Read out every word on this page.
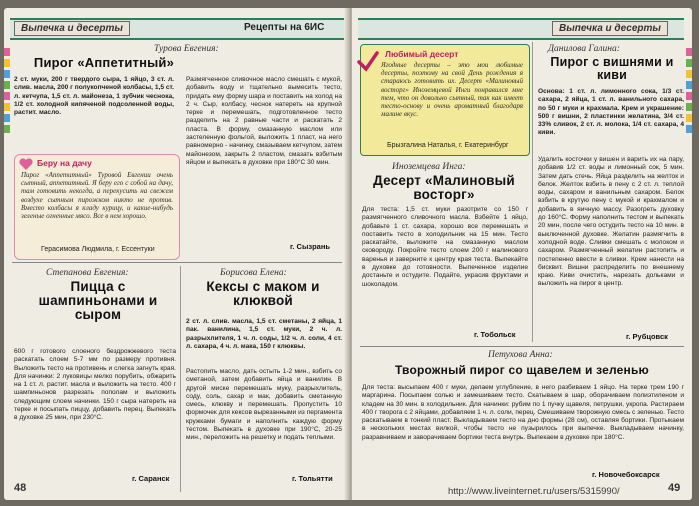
Выпечка и десерты	Рецепты на 6ИС
Турова Евгения:
Пирог «Аппетитный»
2 ст. муки, 200 г твердого сыра, 1 яйцо, 3 ст. л. слив. масла, 200 г полукопченой колбасы, 1,5 ст. л. кетчупа, 1,5 ст. л. майонеза, 1 зубчик чеснока, 1/2 ст. холодной кипяченой подсоленной воды, растит. масло.
Размягченное сливочное масло смешать с мукой, добавить воду и тщательно вымесить тесто, придать ему форму шара и поставить на холод на 2 ч. Сыр, колбасу, чеснок натереть на крупной терке и перемешать, подготовленное тесто разделить на 2 равные части и раскатать 2 пласта. В форму, смазанную маслом или застеленную фольгой, выложить 1 пласт, на него равномерно - начинку, смазываем кетчупом, затем майонезом, закрыть 2 пластом, смазать взбитым яйцом и выпекать в духовке при 180°С 30 мин.
г. Сызрань
Беру на дачу
Пирог «Аппетитный» Туровой Евгении очень сытный, аппетитный. Я беру его с собой на дачу, там готовить некогда, а перекусить на свежем воздухе сытным пирожком никто не против. Вместо колбасы я кладу курицу, и какие-нибудь зеленые огненные мясо. Все в нем хорошо.
Герасимова Людмила, г. Ессентуки
Степанова Евгения:
Пицца с шампиньонами и сыром
600 г готового слоеного бездрожжевого теста раскатать слоем 5-7 мм по размеру противня. Выложить тесто на противень и слегка загнуть края. Для начинки: 2 луковицы мелко порубить, обжарить на 1 ст. л. растит. масла и выложить на тесто. 400 г шампиньонов разрезать пополам и выложить следующим слоем начинки. 150 г сыра натереть на терке и посыпать пиццу, добавить перец. Выпекать в духовке 25 мин, при 230°С.
г. Саранск
Борисова Елена:
Кексы с маком и клюквой
2 ст. л. слив. масла, 1,5 ст. сметаны, 2 яйца, 1 пак. ванилина, 1,5 ст. муки, 2 ч. л. разрыхлителя, 1 ч. л. соды, 1/2 ч. л. соли, 4 ст. л. сахара, 4 ч. л. мака, 150 г клюквы.
Растопить масло, дать остыть 1-2 мин., взбить со сметаной, затем добавить яйца и ванилин. В другой миске перемешать муку, разрыхлитель, соду, соль, сахар и мак, добавить сметанную смесь, клюкву и перемешать. Пропустить 10 формочек для кексов вырезанными из пергамента кружками бумаги и наполнить каждую форму тестом. Выпекать в духовке при 190°С, 20-25 мин., переложить на решетку и подать теплыми.
г. Тольятти
48
Выпечка и десерты
Любимый десерт
Ягодные десерты – это мои любимые десерты, поэтому на свой День рождения я стараюсь готовить их. Десерт «Малиновый восторг» Иноземцевой Инги понравился мне тем, что он довольно сытный, так как имеет тесто-основу и очень ароматный благодаря малине вкус.
Брызгалина Наталья, г. Екатеринбург
Иноземцева Инга:
Десерт «Малиновый восторг»
Для теста: 1,5 ст. муки разотрите со 150 г размягченного сливочного масла. Взбейте 1 яйцо, добавьте 1 ст. сахара, хорошо все перемешать и поставить тесто в холодильник на 15 мин. Тесто раскатайте, выложите на смазанную маслом сковороду. Покройте тесто слоем 200 г малинового варенья и заверните к центру края теста. Выпекайте в духовке до готовности. Выпеченное изделие достаньте и остудите. Подайте, украсив фруктами и шоколадом.
г. Тобольск
Данилова Галина:
Пирог с вишнями и киви
Основа: 1 ст. л. лимонного сока, 1/3 ст. сахара, 2 яйца, 1 ст. л. ванильного сахара, по 50 г муки и крахмала. Крем и украшение: 500 г вишни, 2 пластинки желатина, 3/4 ст. 33% сливок, 2 ст. л. молока, 1/4 ст. сахара, 4 киви.
Удалить косточки у вишен и варить их на пару, добавив 1/2 ст. воды и лимонный сок, 5 мин. Затем дать стечь. Яйца разделить на желток и белок. Желток взбить в пену с 2 ст. л. теплой воды, сахаром и ванильным сахаром. Белок взбить в крутую пену с мукой и крахмалом и добавить в яичную массу. Разогреть духовку до 160°С. Форму наполнить тестом и выпекать 20 мин, после чего остудить тесто на 10 мин. в выключенной духовке. Желатин размягчить в холодной воде. Сливки смешать с молоком и сахаром. Размягченный желатин растопить и постепенно ввести в сливки. Крем нанести на бисквит. Вишни распределить по внешнему краю. Киви очистить, нарезать дольками и выложить на пирог в центр.
г. Рубцовск
Петухова Анна:
Творожный пирог со щавелем и зеленью
Для теста: высыпаем 400 г муки, делаем углубление, в него разбиваем 1 яйцо. На терке трем 190 г маргарина. Посыпаем солью и замешиваем тесто. Скатываем в шар, оборачиваем полиэтиленом и кладем на 30 мин. в холодильник. Для начинки: рубим по 1 пучку щавеля, петрушки, укропа. Растираем 400 г творога с 2 яйцами, добавляем 1 ч. л. соли, перец. Смешиваем творожную смесь с зеленью. Тесто раскатываем в тонкий пласт. Выкладываем тесто на дно формы (28 см), оставляя бортики. Протыкаем в нескольких местах вилкой, чтобы тесто не пузырилось при выпечке. Выкладываем начинку, разравниваем и заворачиваем бортики теста внутрь. Выпекаем в духовке при 180°С.
г. Новочебоксарск
http://www.liveinternet.ru/users/5315990/	49
